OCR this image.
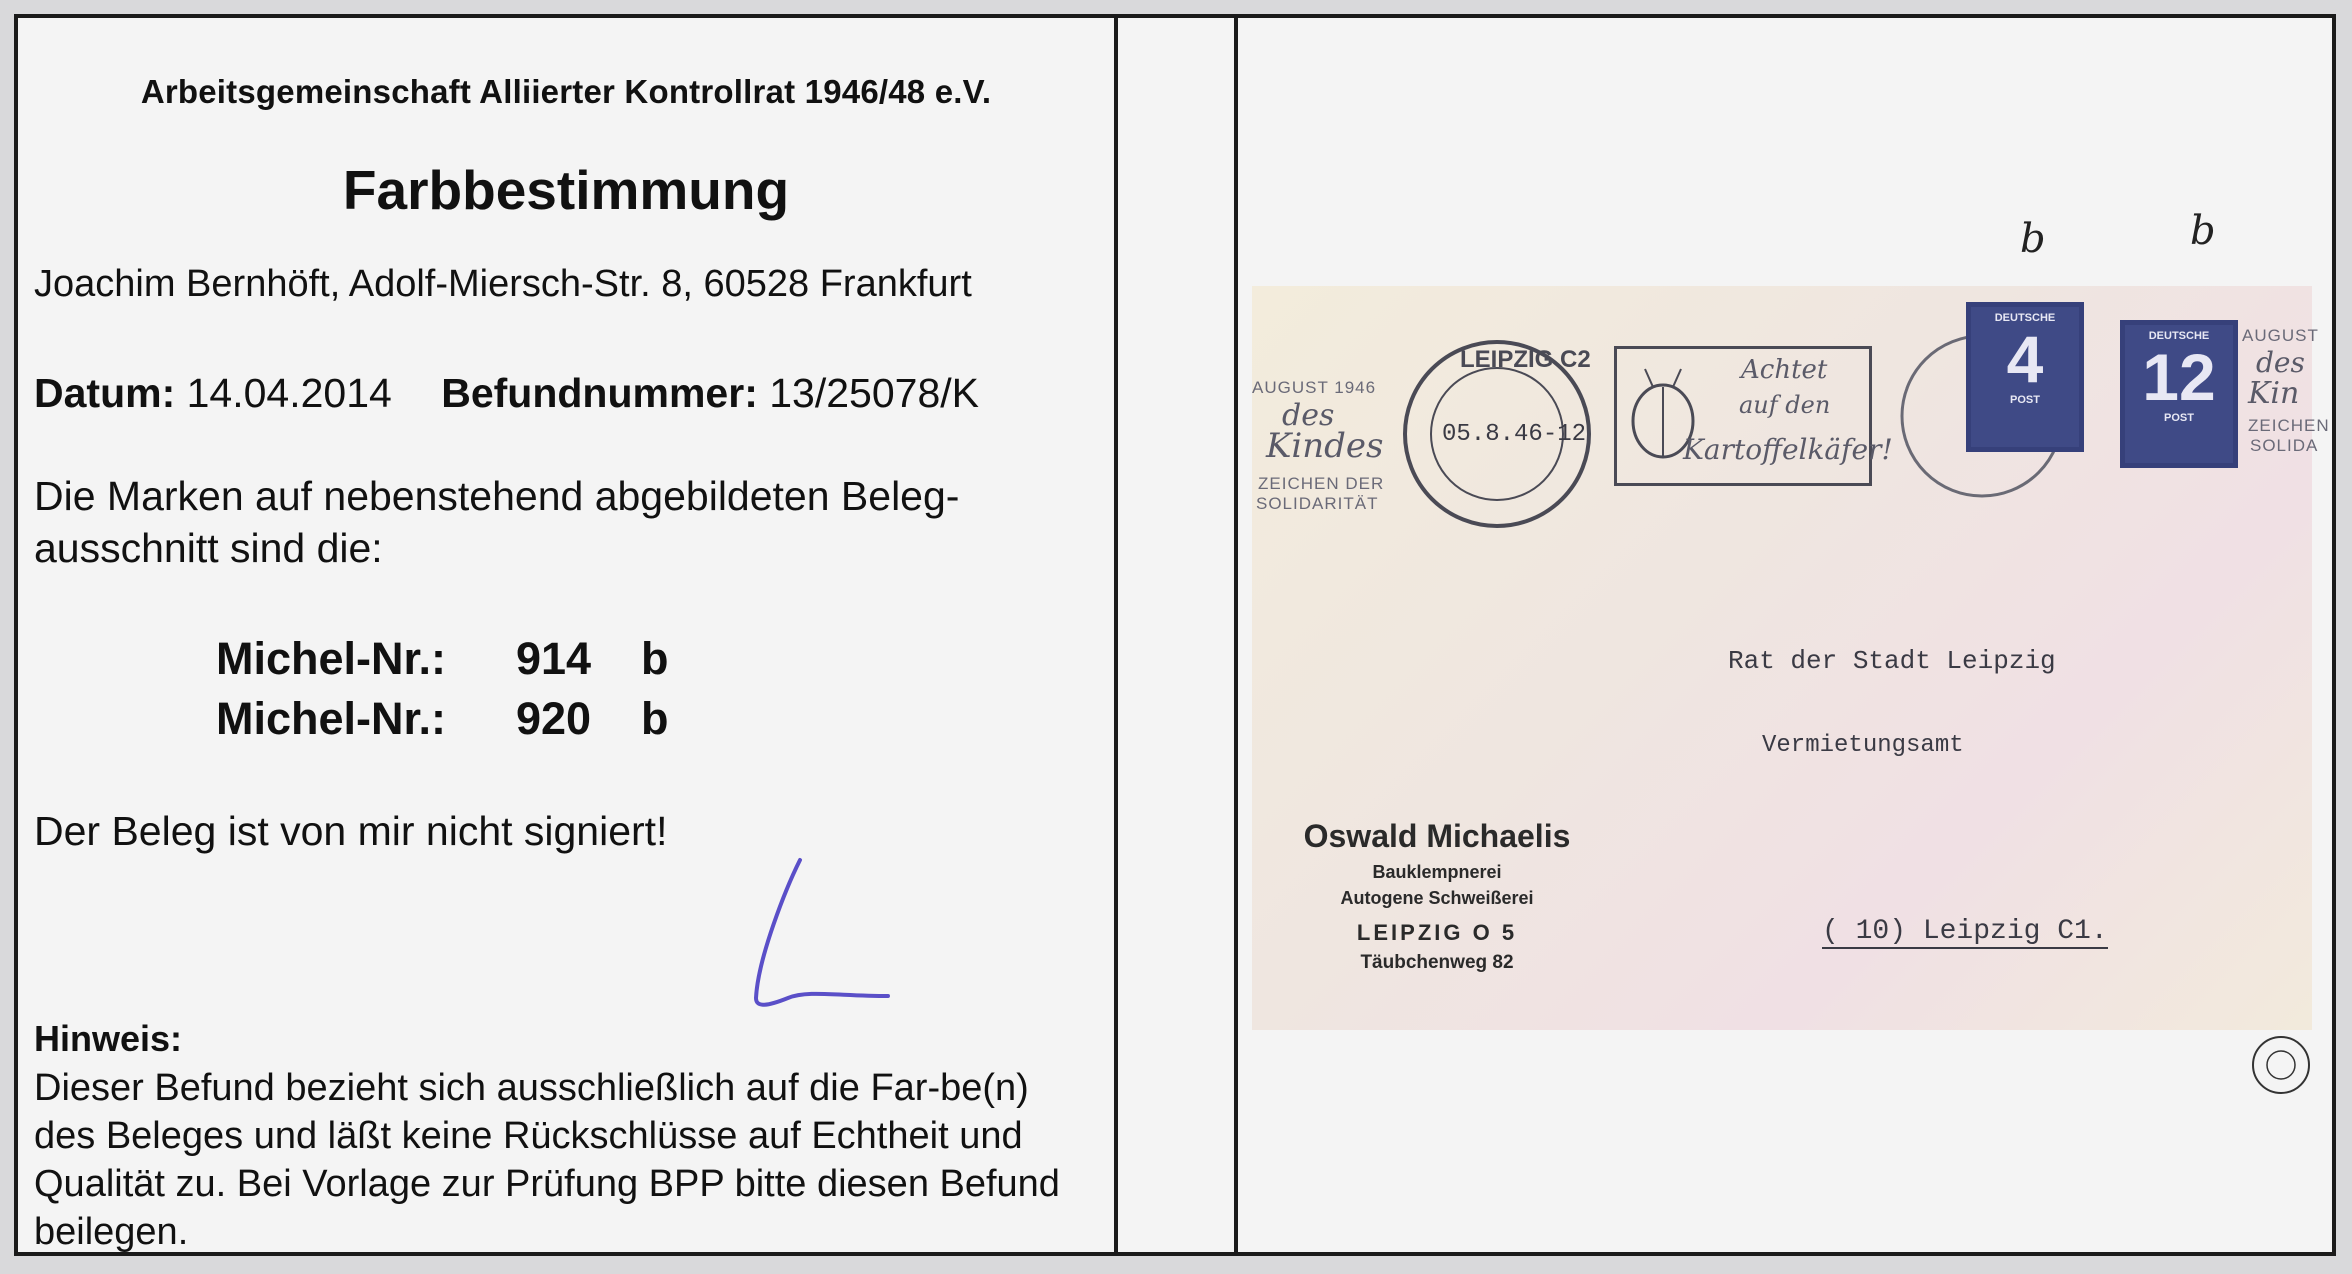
Arbeitsgemeinschaft Alliierter Kontrollrat 1946/48 e.V.
Farbbestimmung
Joachim Bernhöft, Adolf-Miersch-Str. 8, 60528 Frankfurt
Datum: 14.04.2014 Befundnummer: 13/25078/K
Die Marken auf nebenstehend abgebildeten Beleg-ausschnitt sind die:
Michel-Nr.: 914 b
Michel-Nr.: 920 b
Der Beleg ist von mir nicht signiert!
Hinweis:
Dieser Befund bezieht sich ausschließlich auf die Far-be(n) des Beleges und läßt keine Rückschlüsse auf Echtheit und Qualität zu. Bei Vorlage zur Prüfung BPP bitte diesen Befund beilegen.
b	b
AUGUST 1946
des
Kindes
ZEICHEN DER
SOLIDARITÄT
LEIPZIG C2
05.8.46-12
Achtet
auf den
Kartoffelkäfer!
DEUTSCHE
4
POST
DEUTSCHE
12
POST
AUGUST
des
Kin
ZEICHEN
SOLIDA
Rat der Stadt Leipzig
Vermietungsamt
( 10) Leipzig C1.
Oswald Michaelis
Bauklempnerei
Autogene Schweißerei
LEIPZIG O 5
Täubchenweg 82
